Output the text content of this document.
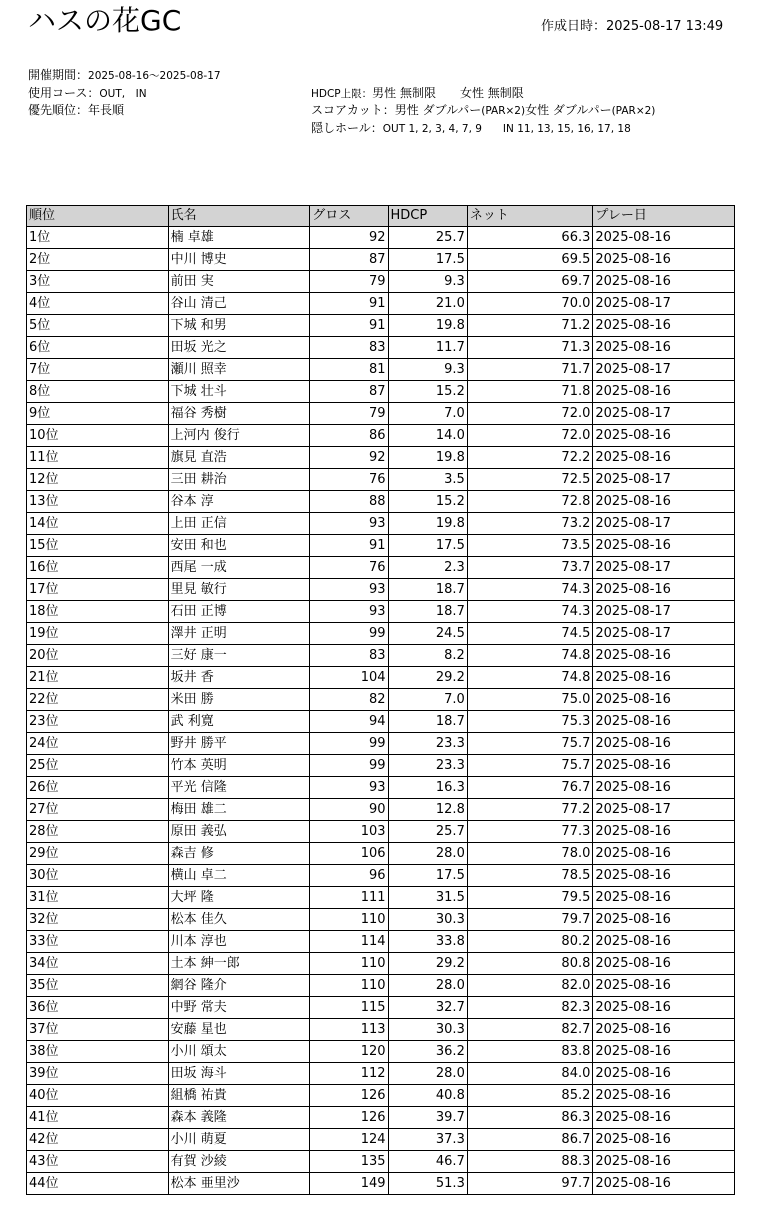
ハスの花GC	作成日時：2025-08-17 13:49
開催期間：2025-08-16〜2025-08-17
使用コース：OUT,　IN
優先順位：年長順
HDCP上限：男性 無制限　　女性 無制限
スコアカット：男性 ダブルパー(PAR×2)女性 ダブルパー(PAR×2)
隠しホール：OUT 1, 2, 3, 4, 7, 9　　IN 11, 13, 15, 16, 17, 18
順位	氏名	グロス	HDCP	ネット	プレー日
1位	楠 卓雄	92	25.7	66.3	2025-08-16
2位	中川 博史	87	17.5	69.5	2025-08-16
3位	前田 実	79	9.3	69.7	2025-08-16
4位	谷山 清己	91	21.0	70.0	2025-08-17
5位	下城 和男	91	19.8	71.2	2025-08-16
6位	田坂 光之	83	11.7	71.3	2025-08-16
7位	瀬川 照幸	81	9.3	71.7	2025-08-17
8位	下城 壮斗	87	15.2	71.8	2025-08-16
9位	福谷 秀樹	79	7.0	72.0	2025-08-17
10位	上河内 俊行	86	14.0	72.0	2025-08-16
11位	旗見 直浩	92	19.8	72.2	2025-08-16
12位	三田 耕治	76	3.5	72.5	2025-08-17
13位	谷本 淳	88	15.2	72.8	2025-08-16
14位	上田 正信	93	19.8	73.2	2025-08-17
15位	安田 和也	91	17.5	73.5	2025-08-16
16位	西尾 一成	76	2.3	73.7	2025-08-17
17位	里見 敏行	93	18.7	74.3	2025-08-16
18位	石田 正博	93	18.7	74.3	2025-08-17
19位	澤井 正明	99	24.5	74.5	2025-08-17
20位	三好 康一	83	8.2	74.8	2025-08-16
21位	坂井 香	104	29.2	74.8	2025-08-16
22位	米田 勝	82	7.0	75.0	2025-08-16
23位	武 利寛	94	18.7	75.3	2025-08-16
24位	野井 勝平	99	23.3	75.7	2025-08-16
25位	竹本 英明	99	23.3	75.7	2025-08-16
26位	平光 信隆	93	16.3	76.7	2025-08-16
27位	梅田 雄二	90	12.8	77.2	2025-08-17
28位	原田 義弘	103	25.7	77.3	2025-08-16
29位	森吉 修	106	28.0	78.0	2025-08-16
30位	横山 卓二	96	17.5	78.5	2025-08-16
31位	大坪 隆	111	31.5	79.5	2025-08-16
32位	松本 佳久	110	30.3	79.7	2025-08-16
33位	川本 淳也	114	33.8	80.2	2025-08-16
34位	土本 紳一郎	110	29.2	80.8	2025-08-16
35位	網谷 隆介	110	28.0	82.0	2025-08-16
36位	中野 常夫	115	32.7	82.3	2025-08-16
37位	安藤 星也	113	30.3	82.7	2025-08-16
38位	小川 頌太	120	36.2	83.8	2025-08-16
39位	田坂 海斗	112	28.0	84.0	2025-08-16
40位	組橋 祐貴	126	40.8	85.2	2025-08-16
41位	森本 義隆	126	39.7	86.3	2025-08-16
42位	小川 萌夏	124	37.3	86.7	2025-08-16
43位	有賀 沙綾	135	46.7	88.3	2025-08-16
44位	松本 亜里沙	149	51.3	97.7	2025-08-16
